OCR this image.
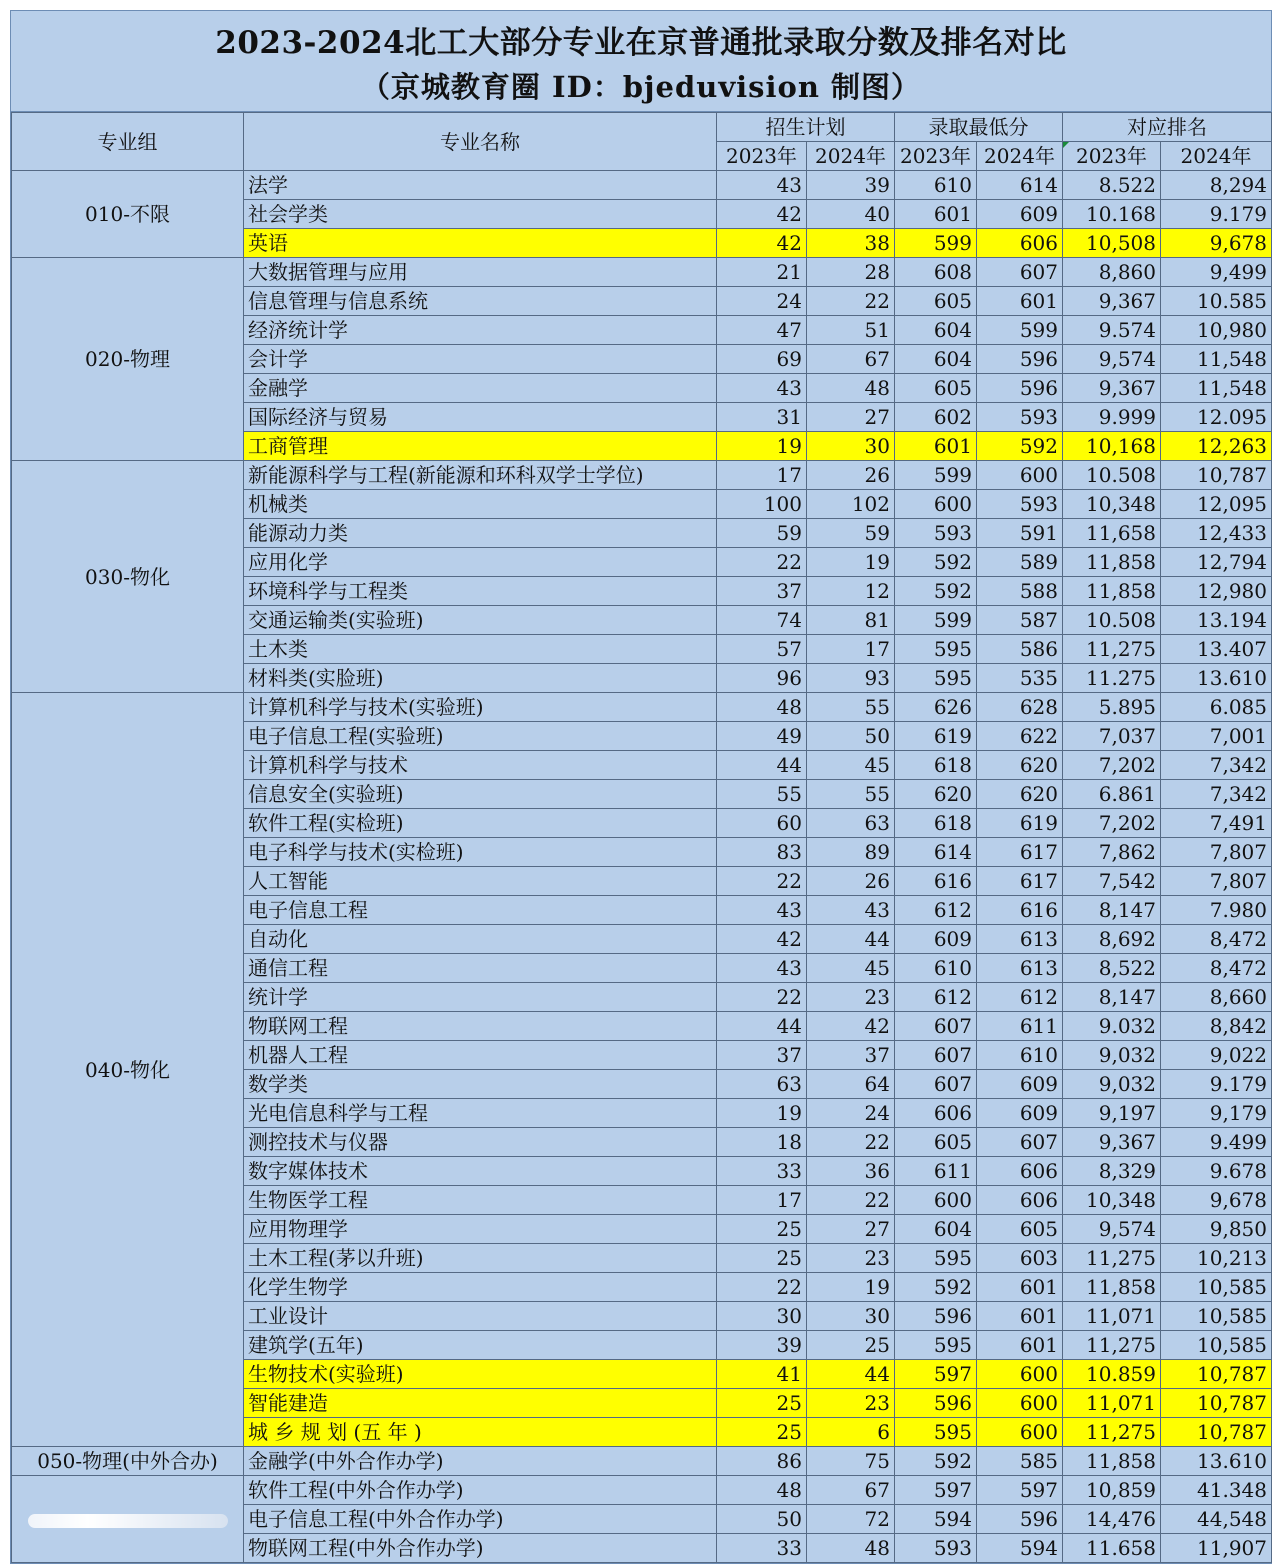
2023-2024北工大部分专业在京普通批录取分数及排名对比
（京城教育圈 ID：bjeduvision 制图）
专业组	专业名称	招生计划		录取最低分		对应排名	
		2023年	2024年	2023年	2024年	2023年	2024年
010-不限	法学	43	39	610	614	8.522	8,294
	社会学类	42	40	601	609	10.168	9.179
	英语	42	38	599	606	10,508	9,678
020-物理	大数据管理与应用	21	28	608	607	8,860	9,499
	信息管理与信息系统	24	22	605	601	9,367	10.585
	经济统计学	47	51	604	599	9.574	10,980
	会计学	69	67	604	596	9,574	11,548
	金融学	43	48	605	596	9,367	11,548
	国际经济与贸易	31	27	602	593	9.999	12.095
	工商管理	19	30	601	592	10,168	12,263
030-物化	新能源科学与工程(新能源和环科双学士学位)	17	26	599	600	10.508	10,787
	机械类	100	102	600	593	10,348	12,095
	能源动力类	59	59	593	591	11,658	12,433
	应用化学	22	19	592	589	11,858	12,794
	环境科学与工程类	37	12	592	588	11,858	12,980
	交通运输类(实验班)	74	81	599	587	10.508	13.194
	土木类	57	17	595	586	11,275	13.407
	材料类(实脸班)	96	93	595	535	11.275	13.610
040-物化	计算机科学与技术(实验班)	48	55	626	628	5.895	6.085
	电子信息工程(实验班)	49	50	619	622	7,037	7,001
	计算机科学与技术	44	45	618	620	7,202	7,342
	信息安全(实验班)	55	55	620	620	6.861	7,342
	软件工程(实检班)	60	63	618	619	7,202	7,491
	电子科学与技术(实检班)	83	89	614	617	7,862	7,807
	人工智能	22	26	616	617	7,542	7,807
	电子信息工程	43	43	612	616	8,147	7.980
	自动化	42	44	609	613	8,692	8,472
	通信工程	43	45	610	613	8,522	8,472
	统计学	22	23	612	612	8,147	8,660
	物联网工程	44	42	607	611	9.032	8,842
	机器人工程	37	37	607	610	9,032	9,022
	数学类	63	64	607	609	9,032	9.179
	光电信息科学与工程	19	24	606	609	9,197	9,179
	测控技术与仪器	18	22	605	607	9,367	9.499
	数字媒体技术	33	36	611	606	8,329	9.678
	生物医学工程	17	22	600	606	10,348	9,678
	应用物理学	25	27	604	605	9,574	9,850
	土木工程(茅以升班)	25	23	595	603	11,275	10,213
	化学生物学	22	19	592	601	11,858	10,585
	工业设计	30	30	596	601	11,071	10,585
	建筑学(五年)	39	25	595	601	11,275	10,585
	生物技术(实验班)	41	44	597	600	10.859	10,787
	智能建造	25	23	596	600	11,071	10,787
	城 乡 规 划 (五 年 )	25	6	595	600	11,275	10,787
050-物理(中外合办)	金融学(中外合作办学)	86	75	592	585	11,858	13.610
	软件工程(中外合作办学)	48	67	597	597	10,859	41.348
	电子信息工程(中外合作办学)	50	72	594	596	14,476	44,548
	物联网工程(中外合作办学)	33	48	593	594	11.658	11,907
